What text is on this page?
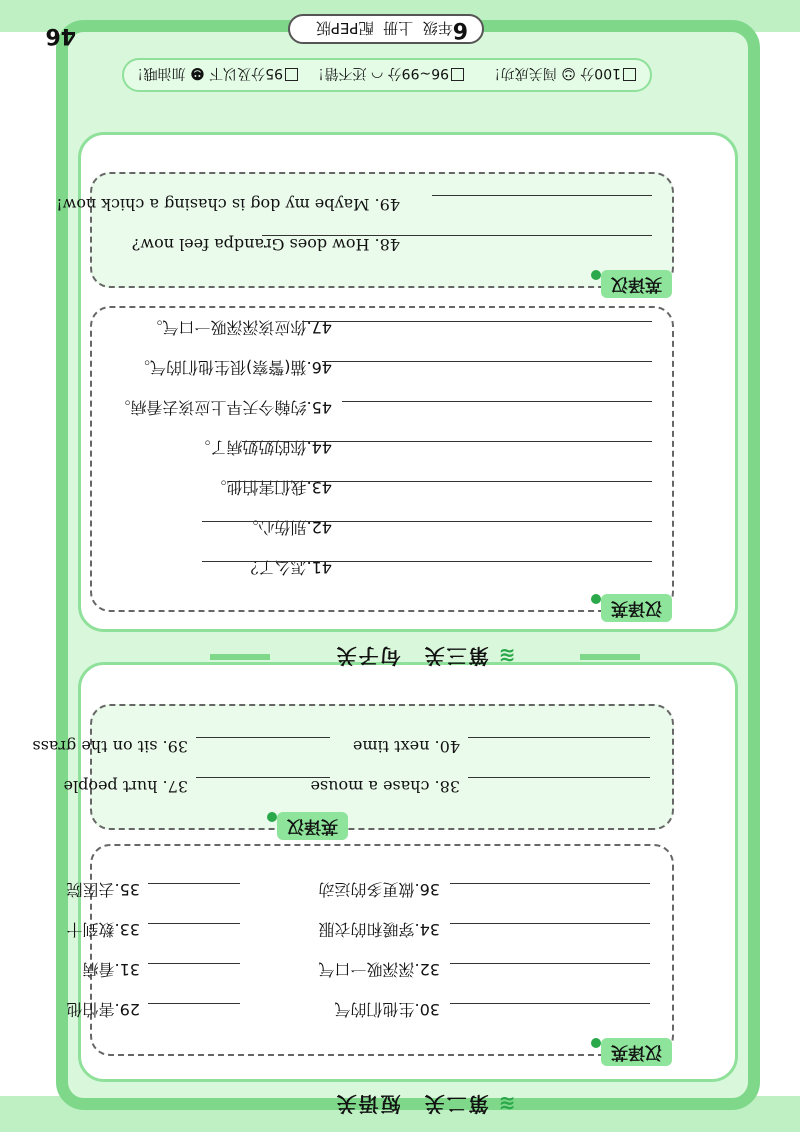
≋第二关　短语关
汉译英
29.害怕他	30.生他们的气
31.看病	32.深深吸一口气
33.数到十	34.穿暖和的衣服
35.去医院	36.做更多的运动
英译汉
37. hurt people	38. chase a mouse
39. sit on the grass	40. next time
≋第三关　句子关
汉译英
41.怎么了？
42.别伤心。
43.我们害怕他。
44.你的奶奶病了。
45.约翰今天早上应该去看病。
46.猫(警察)很生他们的气。
47.你应该深深吸一口气。
英译汉
48. How does Grandpa feel now?
49. Maybe my dog is chasing a chick now!
100分 ☺ 闯关成功！
96~99分 ◠ 还不错！
95分及以下 ☻ 加油哦！
6年级  上册  配PEP版
46
